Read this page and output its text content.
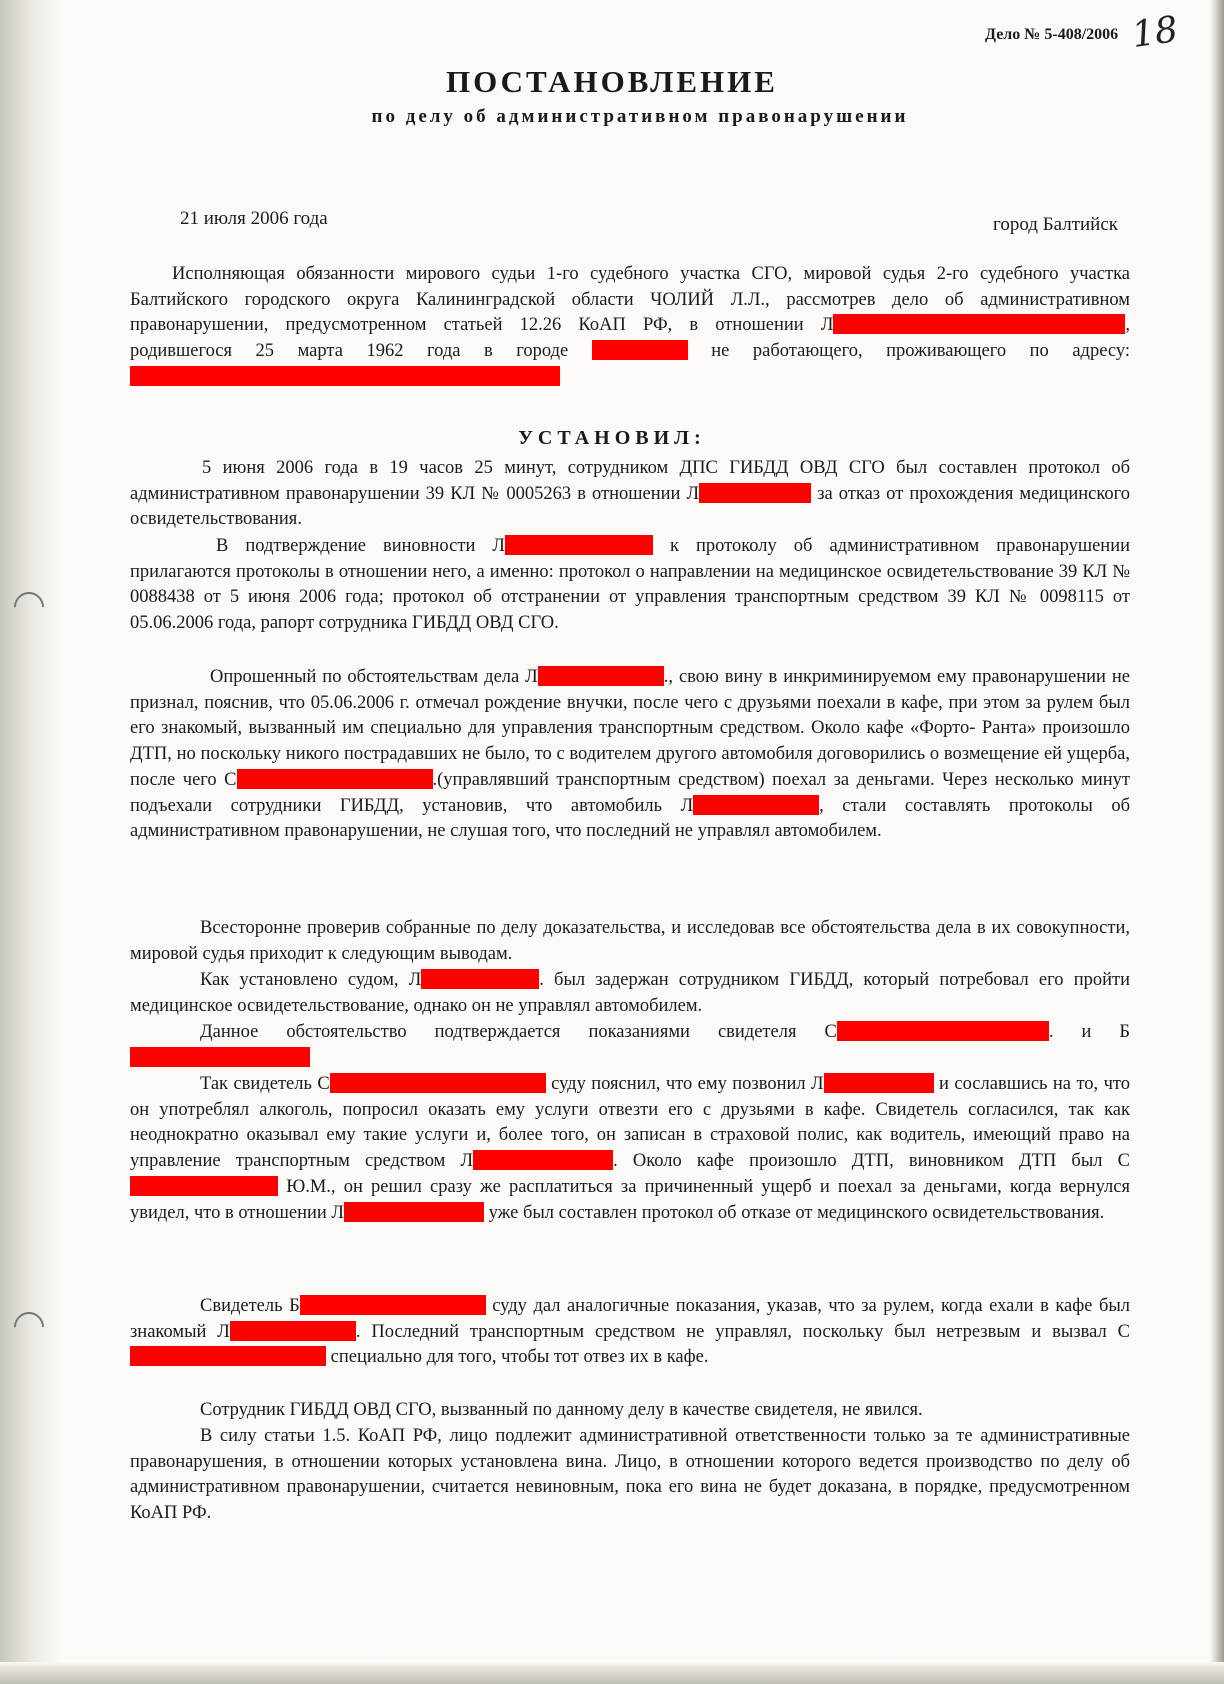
Дело № 5-408/2006 18
ПОСТАНОВЛЕНИЕ
по делу об административном правонарушении
21 июля 2006 года	город Балтийск

Исполняющая обязанности мирового судьи 1-го судебного участка СГО, мировой судья 2-го судебного участка Балтийского городского округа Калининградской области ЧОЛИЙ Л.Л., рассмотрев дело об административном правонарушении, предусмотренном статьей 12.26 КоАП РФ, в отношении Л	, родившегося 25 марта 1962 года в городе	не работающего, проживающего по адресу:

УСТАНОВИЛ:

5 июня 2006 года в 19 часов 25 минут, сотрудником ДПС ГИБДД ОВД СГО был составлен протокол об административном правонарушении 39 КЛ № 0005263 в отношении Л	за отказ от прохождения медицинского освидетельствования.

В подтверждение виновности Л	к протоколу об административном правонарушении прилагаются протоколы в отношении него, а именно: протокол о направлении на медицинское освидетельствование 39 КЛ № 0088438 от 5 июня 2006 года; протокол об отстранении от управления транспортным средством 39 КЛ № 0098115 от 05.06.2006 года, рапорт сотрудника ГИБДД ОВД СГО.

Опрошенный по обстоятельствам дела Л	., свою вину в инкриминируемом ему правонарушении не признал, пояснив, что 05.06.2006 г. отмечал рождение внучки, после чего с друзьями поехали в кафе, при этом за рулем был его знакомый, вызванный им специально для управления транспортным средством. Около кафе «Форто- Ранта» произошло ДТП, но поскольку никого пострадавших не было, то с водителем другого автомобиля договорились о возмещение ей ущерба, после чего С	.(управлявший транспортным средством) поехал за деньгами. Через несколько минут подъехали сотрудники ГИБДД, установив, что автомобиль Л	, стали составлять протоколы об административном правонарушении, не слушая того, что последний не управлял автомобилем.

Всесторонне проверив собранные по делу доказательства, и исследовав все обстоятельства дела в их совокупности, мировой судья приходит к следующим выводам.

Как установлено судом, Л	. был задержан сотрудником ГИБДД, который потребовал его пройти медицинское освидетельствование, однако он не управлял автомобилем.

Данное обстоятельство подтверждается показаниями свидетеля С	. и Б

Так свидетель С	суду пояснил, что ему позвонил Л	и сославшись на то, что он употреблял алкоголь, попросил оказать ему услуги отвезти его с друзьями в кафе. Свидетель согласился, так как неоднократно оказывал ему такие услуги и, более того, он записан в страховой полис, как водитель, имеющий право на управление транспортным средством Л	. Около кафе произошло ДТП, виновником ДТП был С Ю.М., он решил сразу же расплатиться за причиненный ущерб и поехал за деньгами, когда вернулся увидел, что в отношении Л	уже был составлен протокол об отказе от медицинского освидетельствования.

Свидетель Б	суду дал аналогичные показания, указав, что за рулем, когда ехали в кафе был знакомый Л	. Последний транспортным средством не управлял, поскольку был нетрезвым и вызвал С специально для того, чтобы тот отвез их в кафе.

Сотрудник ГИБДД ОВД СГО, вызванный по данному делу в качестве свидетеля, не явился.

В силу статьи 1.5. КоАП РФ, лицо подлежит административной ответственности только за те административные правонарушения, в отношении которых установлена вина. Лицо, в отношении которого ведется производство по делу об административном правонарушении, считается невиновным, пока его вина не будет доказана, в порядке, предусмотренном КоАП РФ.
